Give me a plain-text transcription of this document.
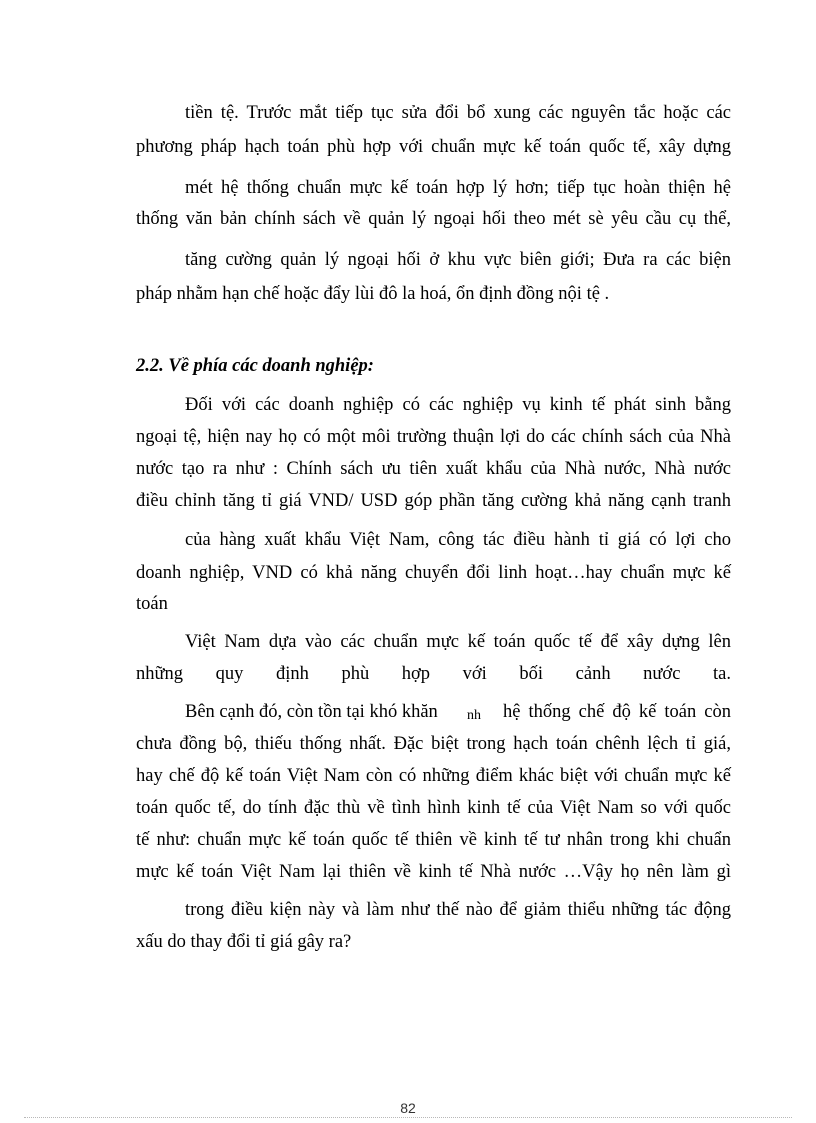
tiền tệ. Trước mắt tiếp tục sửa đổi bổ xung các nguyên tắc hoặc các
phương pháp hạch toán phù hợp với chuẩn mực kế toán quốc tế, xây dựng
mét hệ thống chuẩn mực kế toán hợp lý hơn; tiếp tục hoàn thiện hệ
thống văn bản chính sách về quản lý ngoại hối theo mét sè yêu cầu cụ thể,
tăng cường quản lý ngoại hối ở khu vực biên giới; Đưa ra các biện
pháp nhằm hạn chế hoặc đẩy lùi đô la hoá, ổn định đồng nội tệ .
2.2. Về phía các doanh nghiệp:
Đối với các doanh nghiệp có các nghiệp vụ kinh tế phát sinh bằng
ngoại tệ, hiện nay họ có một môi trường thuận lợi do các chính sách của Nhà
nước tạo ra như : Chính sách ưu tiên xuất khẩu của Nhà nước, Nhà nước
điều chỉnh tăng tỉ giá VND/ USD góp phần tăng cường khả năng cạnh tranh
của hàng xuất khẩu Việt Nam, công tác điều hành tỉ giá có lợi cho
doanh nghiệp, VND có khả năng chuyển đổi linh hoạt…hay chuẩn mực kế
toán
Việt Nam dựa vào các chuẩn mực kế toán quốc tế để xây dựng lên
những quy định phù hợp với bối cảnh nước ta.
Bên cạnh đó, còn tồn tại khó khăn	nh hệ thống chế độ kế toán còn
chưa đồng bộ, thiếu thống nhất. Đặc biệt trong hạch toán chênh lệch tỉ giá,
hay chế độ kế toán Việt Nam còn có những điểm khác biệt với chuẩn mực kế
toán quốc tế, do tính đặc thù về tình hình kinh tế của Việt Nam so với quốc
tế như: chuẩn mực kế toán quốc tế thiên về kinh tế tư nhân trong khi chuẩn
mực kế toán Việt Nam lại thiên về kinh tế Nhà nước …Vậy họ nên làm gì
trong điều kiện này và làm như thế nào để giảm thiểu những tác động
xấu do thay đổi tỉ giá gây ra?
82
